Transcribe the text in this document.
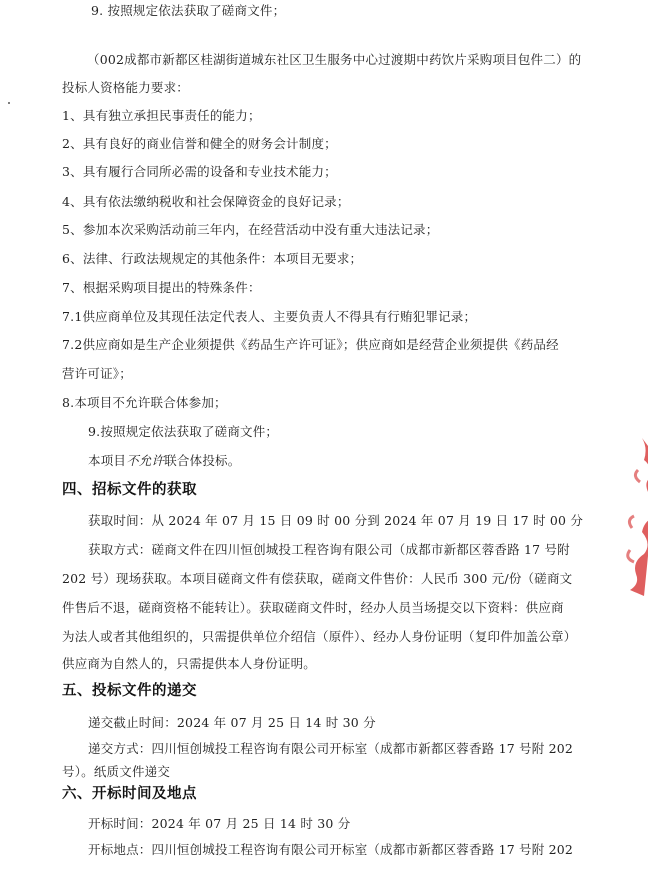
9. 按照规定依法获取了磋商文件；
（002成都市新都区桂湖街道城东社区卫生服务中心过渡期中药饮片采购项目包件二）的
投标人资格能力要求：
1、具有独立承担民事责任的能力；
2、具有良好的商业信誉和健全的财务会计制度；
3、具有履行合同所必需的设备和专业技术能力；
4、具有依法缴纳税收和社会保障资金的良好记录；
5、参加本次采购活动前三年内，在经营活动中没有重大违法记录；
6、法律、行政法规规定的其他条件：本项目无要求；
7、根据采购项目提出的特殊条件：
7.1供应商单位及其现任法定代表人、主要负责人不得具有行贿犯罪记录；
7.2供应商如是生产企业须提供《药品生产许可证》；供应商如是经营企业须提供《药品经
营许可证》；
8.本项目不允许联合体参加；
9.按照规定依法获取了磋商文件；
本项目不允许联合体投标。
四、招标文件的获取
获取时间：从 2024 年 07 月 15 日 09 时 00 分到 2024 年 07 月 19 日 17 时 00 分
获取方式：磋商文件在四川恒创城投工程咨询有限公司（成都市新都区蓉香路 17 号附
202 号）现场获取。本项目磋商文件有偿获取，磋商文件售价：人民币 300 元/份（磋商文
件售后不退，磋商资格不能转让）。获取磋商文件时，经办人员当场提交以下资料：供应商
为法人或者其他组织的，只需提供单位介绍信（原件）、经办人身份证明（复印件加盖公章）
供应商为自然人的，只需提供本人身份证明。
五、投标文件的递交
递交截止时间：2024 年 07 月 25 日 14 时 30 分
递交方式：四川恒创城投工程咨询有限公司开标室（成都市新都区蓉香路 17 号附 202
号）。纸质文件递交
六、开标时间及地点
开标时间：2024 年 07 月 25 日 14 时 30 分
开标地点：四川恒创城投工程咨询有限公司开标室（成都市新都区蓉香路 17 号附 202
